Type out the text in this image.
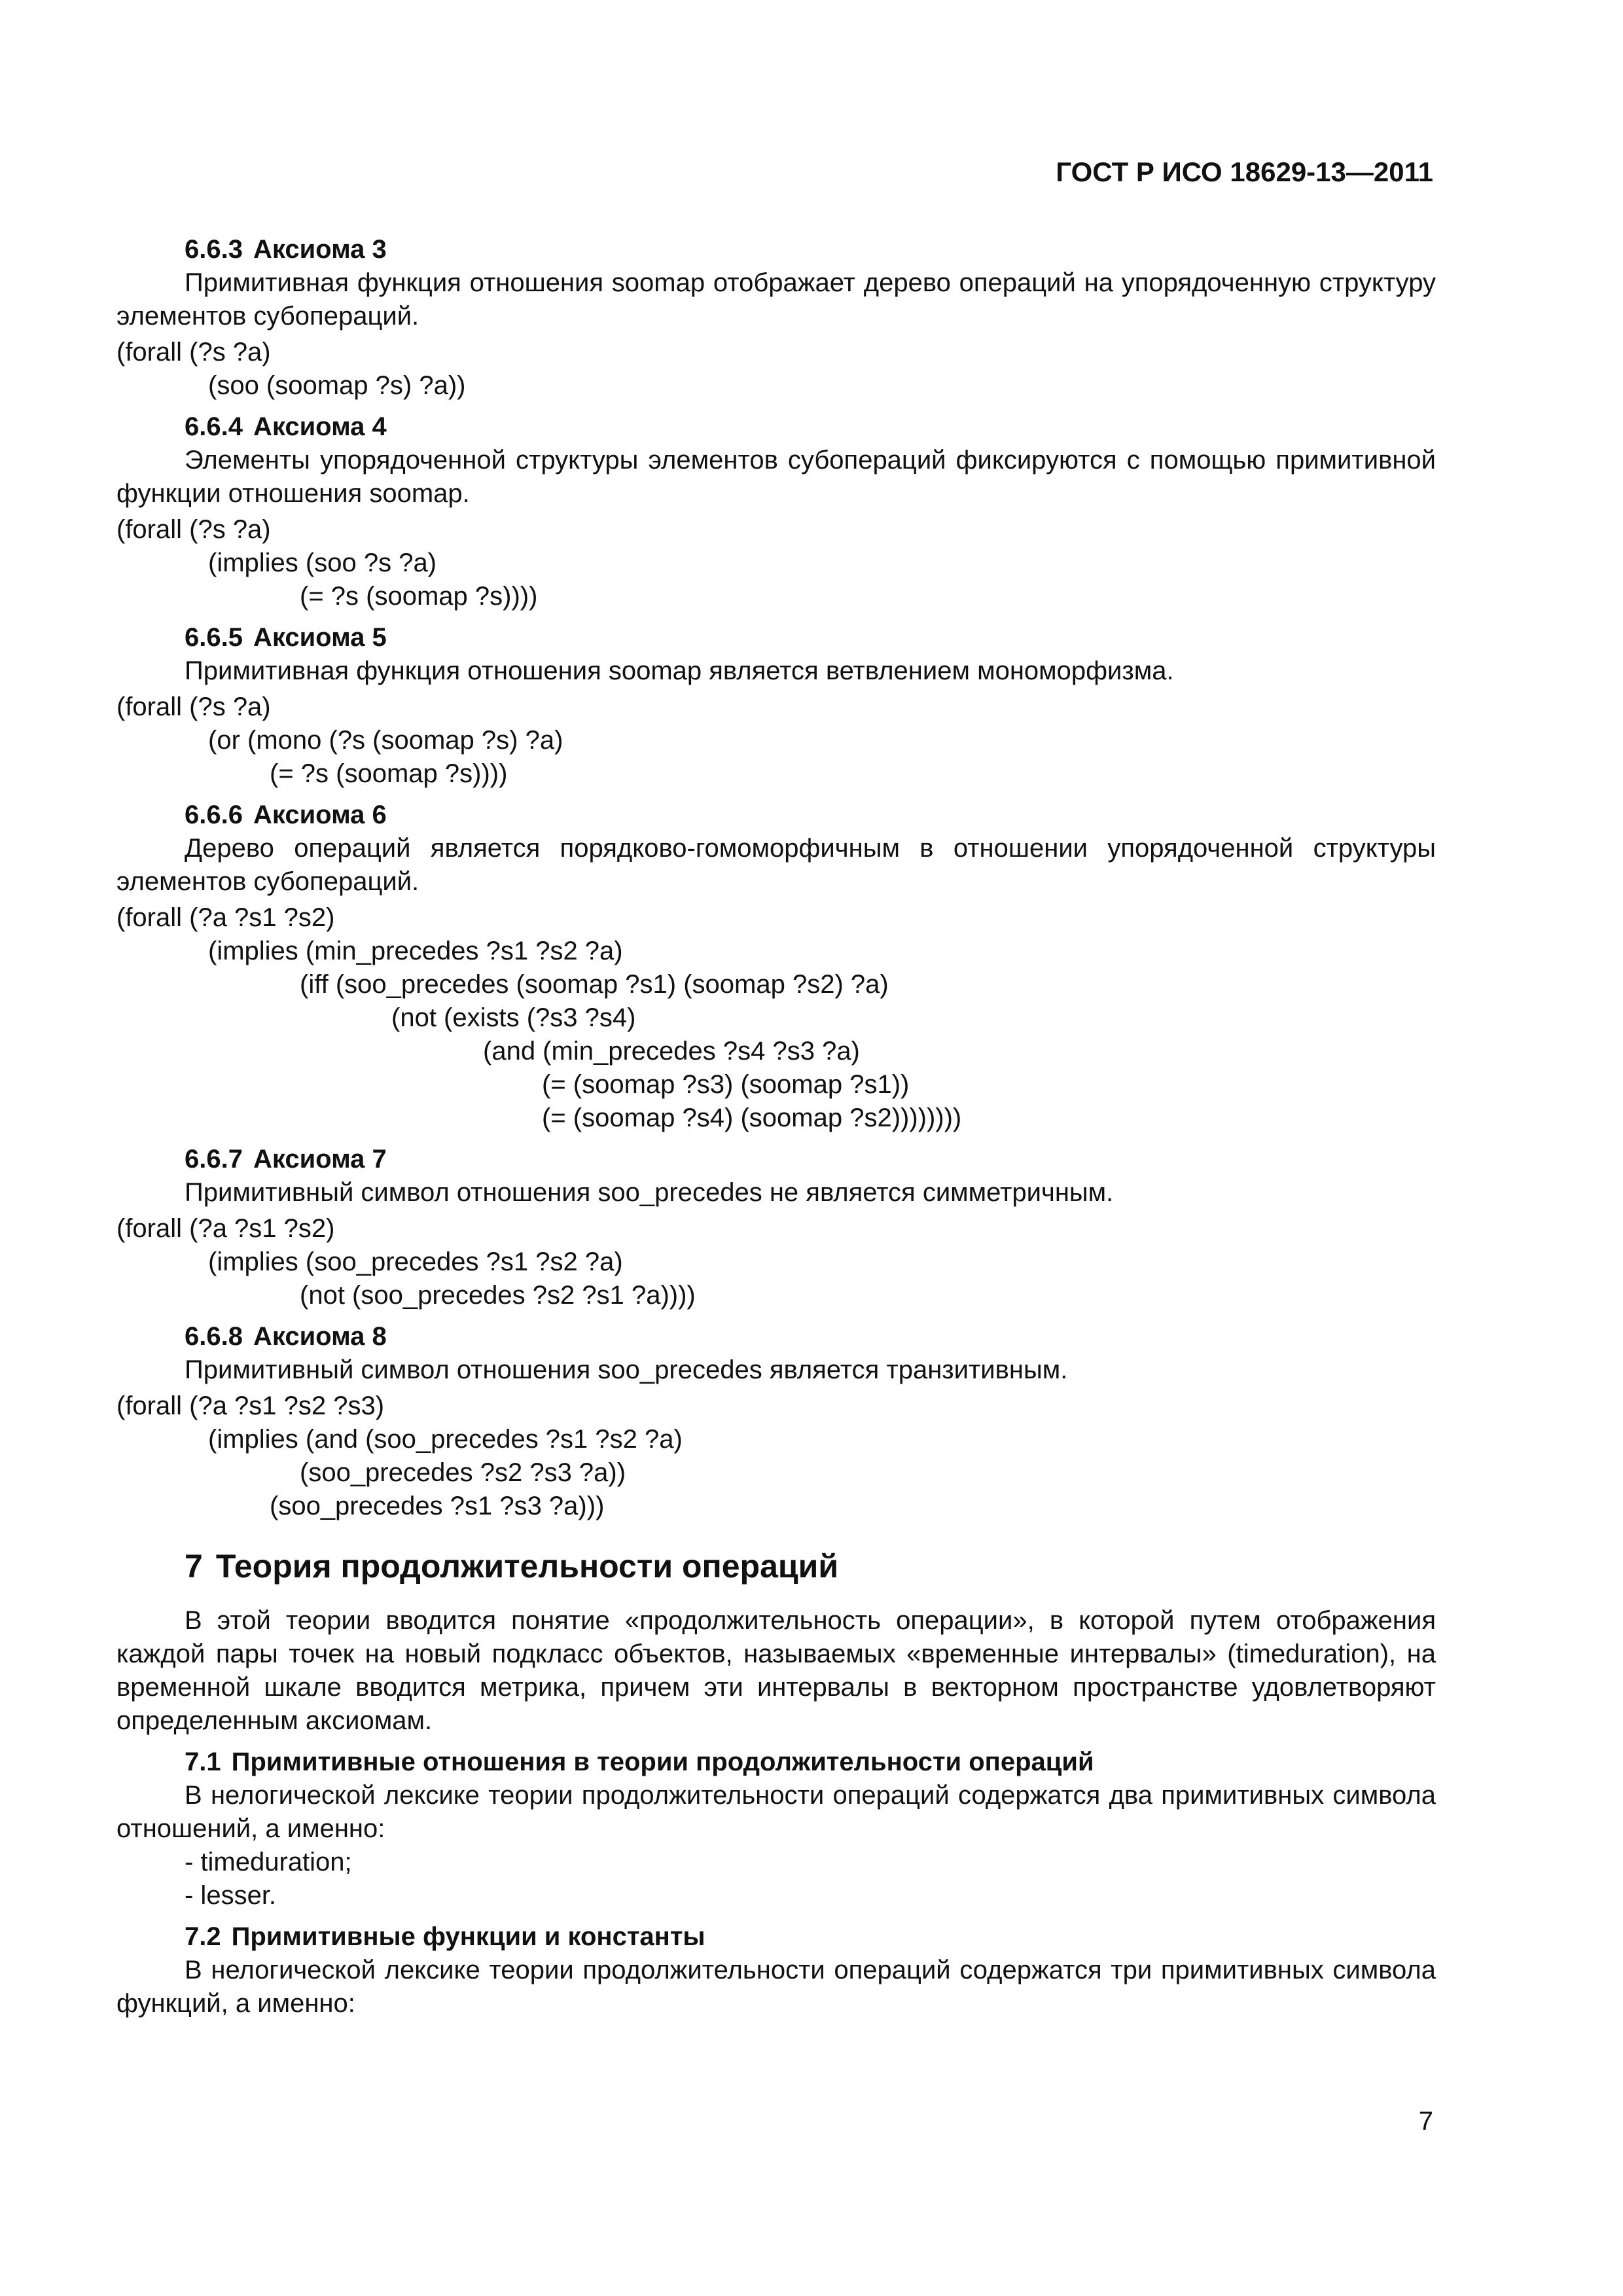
ГОСТ Р ИСО 18629-13—2011
6.6.3 Аксиома 3

Примитивная функция отношения soomap отображает дерево операций на упорядоченную структуру элементов субопераций.

(forall (?s ?a)
(soo (soomap ?s) ?a))
6.6.4 Аксиома 4

Элементы упорядоченной структуры элементов субопераций фиксируются с помощью примитивной функции отношения soomap.

(forall (?s ?a)
(implies (soo ?s ?a)
(= ?s (soomap ?s))))
6.6.5 Аксиома 5

Примитивная функция отношения soomap является ветвлением мономорфизма.

(forall (?s ?a)
(or (mono (?s (soomap ?s) ?a)
(= ?s (soomap ?s))))
6.6.6 Аксиома 6

Дерево операций является порядково-гомоморфичным в отношении упорядоченной структуры элементов субопераций.

(forall (?a ?s1 ?s2)
(implies (min_precedes ?s1 ?s2 ?a)
(iff (soo_precedes (soomap ?s1) (soomap ?s2) ?a)
(not (exists (?s3 ?s4)
(and (min_precedes ?s4 ?s3 ?a)
(= (soomap ?s3) (soomap ?s1))
(= (soomap ?s4) (soomap ?s2))))))))
6.6.7 Аксиома 7

Примитивный символ отношения soo_precedes не является симметричным.

(forall (?a ?s1 ?s2)
(implies (soo_precedes ?s1 ?s2 ?a)
(not (soo_precedes ?s2 ?s1 ?a))))
6.6.8 Аксиома 8

Примитивный символ отношения soo_precedes является транзитивным.

(forall (?a ?s1 ?s2 ?s3)
(implies (and (soo_precedes ?s1 ?s2 ?a)
(soo_precedes ?s2 ?s3 ?a))
(soo_precedes ?s1 ?s3 ?a)))
7 Теория продолжительности операций

В этой теории вводится понятие «продолжительность операции», в которой путем отображения каждой пары точек на новый подкласс объектов, называемых «временные интервалы» (timeduration), на временной шкале вводится метрика, причем эти интервалы в векторном пространстве удовлетворяют определенным аксиомам.

7.1 Примитивные отношения в теории продолжительности операций

В нелогической лексике теории продолжительности операций содержатся два примитивных символа отношений, а именно:

- timeduration;
- lesser.
7.2 Примитивные функции и константы

В нелогической лексике теории продолжительности операций содержатся три примитивных символа функций, а именно:

7
